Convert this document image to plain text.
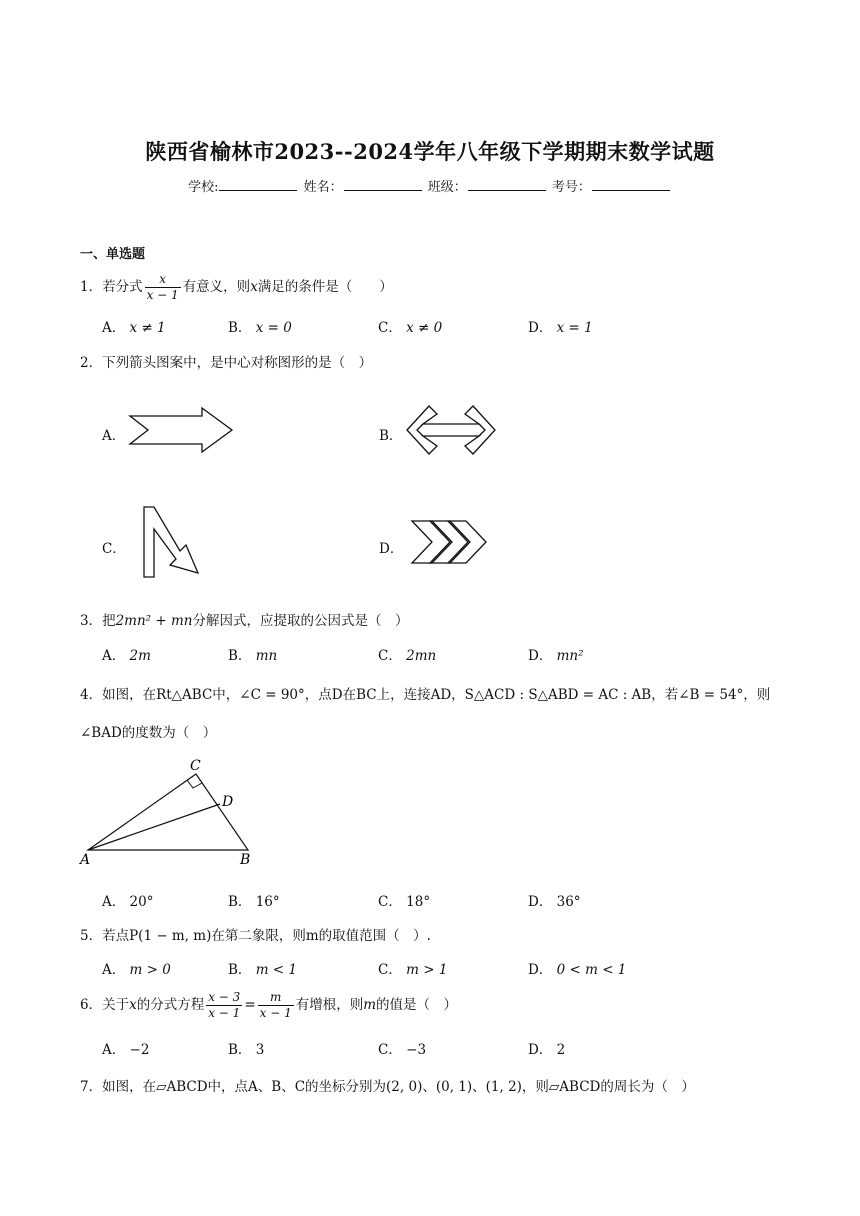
陕西省榆林市2023--2024学年八年级下学期期末数学试题
学校:	姓名：	班级：	考号：
一、单选题
1．若分式 $\frac{x}{x - 1}$ 有意义，则x满足的条件是（　　）
A． x ≠ 1	B． x = 0	C． x ≠ 0	D． x = 1
2．下列箭头图案中，是中心对称图形的是（　）
A．	B．
C．	D．
3．把2mn² + mn分解因式，应提取的公因式是（　）
A． 2m	B． mn	C． 2mn	D． mn²
4．如图，在Rt△ABC中，∠C = 90°，点D在BC上，连接AD，S△ACD : S△ABD = AC : AB，若∠B = 54°，则
∠BAD的度数为（　）
A	B
C
D
A． 20°	B． 16°	C． 18°	D． 36°
5．若点P(1 − m, m)在第二象限，则m的取值范围（　）.
A． m > 0	B． m < 1	C． m > 1	D． 0 < m < 1
6．关于x的分式方程 $\frac{x - 3}{x - 1} = \frac{m}{x - 1}$ 有增根，则m的值是（　）
A． −2	B． 3	C． −3	D． 2
7．如图，在▱ABCD中，点A、B、C的坐标分别为(2, 0)、(0, 1)、(1, 2)，则▱ABCD的周长为（　）
